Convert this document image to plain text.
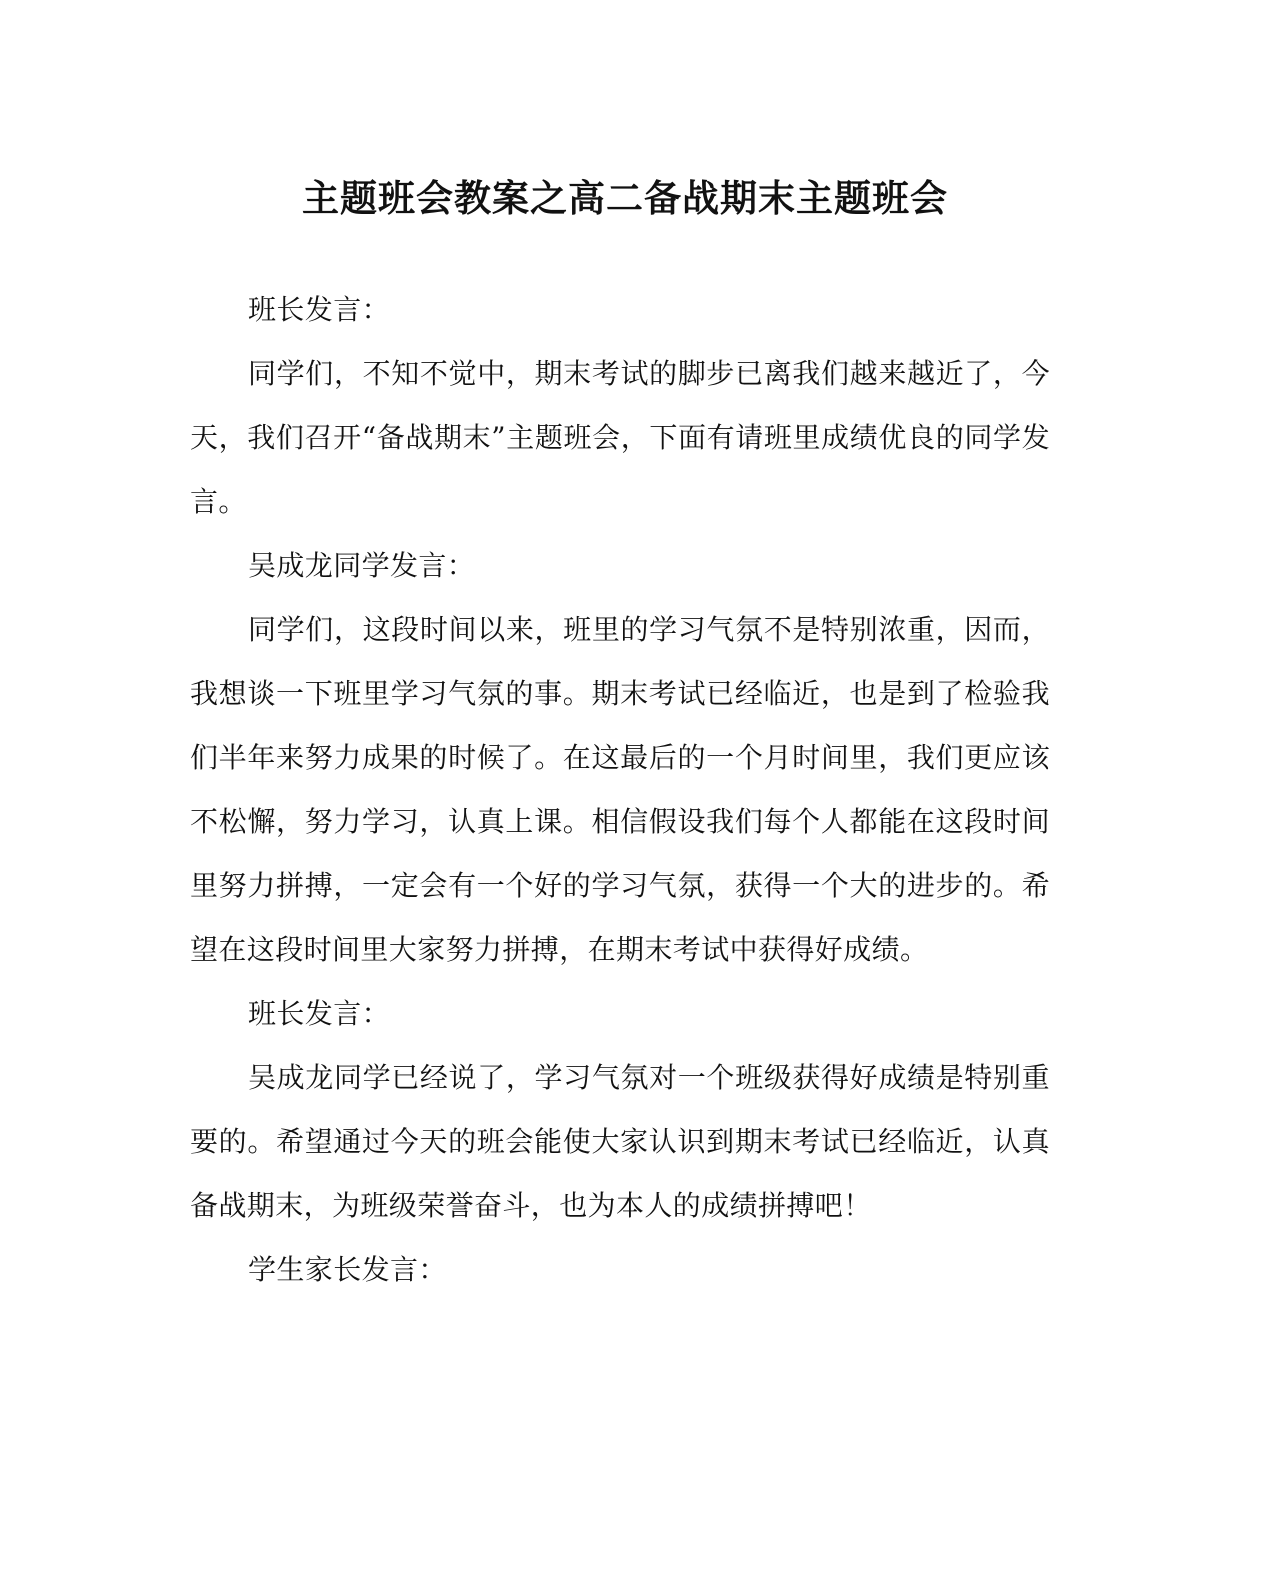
主题班会教案之高二备战期末主题班会

班长发言：

同学们，不知不觉中，期末考试的脚步已离我们越来越近了，今天，我们召开“备战期末”主题班会，下面有请班里成绩优良的同学发言。

吴成龙同学发言：

同学们，这段时间以来，班里的学习气氛不是特别浓重，因而，我想谈一下班里学习气氛的事。期末考试已经临近，也是到了检验我们半年来努力成果的时候了。在这最后的一个月时间里，我们更应该不松懈，努力学习，认真上课。相信假设我们每个人都能在这段时间里努力拼搏，一定会有一个好的学习气氛，获得一个大的进步的。希望在这段时间里大家努力拼搏，在期末考试中获得好成绩。

班长发言：

吴成龙同学已经说了，学习气氛对一个班级获得好成绩是特别重要的。希望通过今天的班会能使大家认识到期末考试已经临近，认真备战期末，为班级荣誉奋斗，也为本人的成绩拼搏吧！

学生家长发言：
